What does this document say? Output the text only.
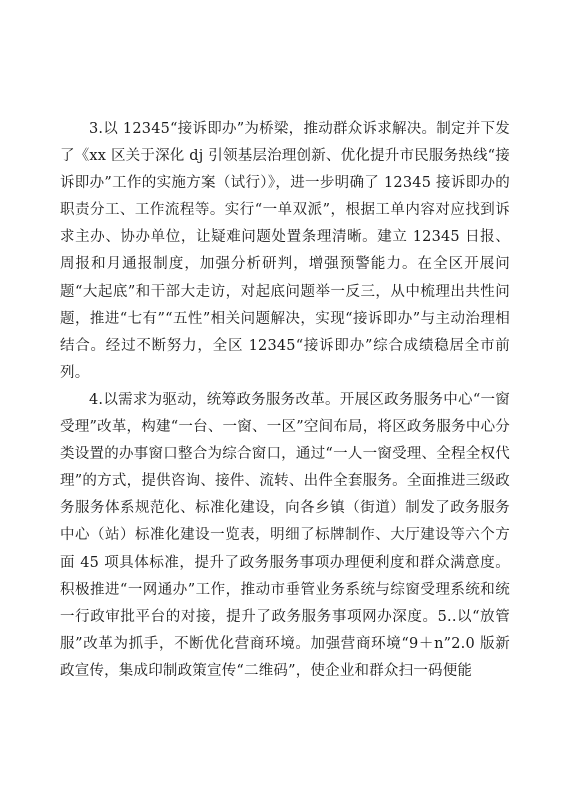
3.以 12345“接诉即办”为桥梁，推动群众诉求解决。制定并下发了《xx 区关于深化 dj 引领基层治理创新、优化提升市民服务热线“接诉即办”工作的实施方案（试行）》，进一步明确了 12345 接诉即办的职责分工、工作流程等。实行“一单双派”，根据工单内容对应找到诉求主办、协办单位，让疑难问题处置条理清晰。建立 12345 日报、周报和月通报制度，加强分析研判，增强预警能力。在全区开展问题“大起底”和干部大走访，对起底问题举一反三，从中梳理出共性问题，推进“七有”“五性”相关问题解决，实现“接诉即办”与主动治理相结合。经过不断努力，全区 12345“接诉即办”综合成绩稳居全市前列。

4.以需求为驱动，统筹政务服务改革。开展区政务服务中心“一窗受理”改革，构建“一台、一窗、一区”空间布局，将区政务服务中心分类设置的办事窗口整合为综合窗口，通过“一人一窗受理、全程全权代理”的方式，提供咨询、接件、流转、出件全套服务。全面推进三级政务服务体系规范化、标准化建设，向各乡镇（街道）制发了政务服务中心（站）标准化建设一览表，明细了标牌制作、大厅建设等六个方面 45 项具体标准，提升了政务服务事项办理便利度和群众满意度。积极推进“一网通办”工作，推动市垂管业务系统与综窗受理系统和统一行政审批平台的对接，提升了政务服务事项网办深度。5..以“放管服”改革为抓手，不断优化营商环境。加强营商环境“9＋n”2.0 版新政宣传，集成印制政策宣传“二维码”，使企业和群众扫一码便能
